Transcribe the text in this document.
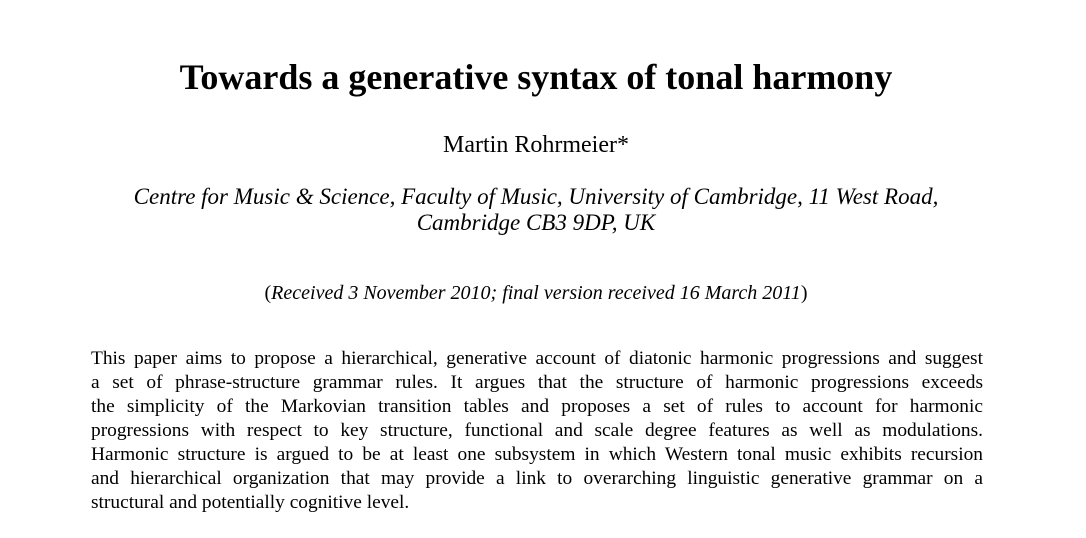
Towards a generative syntax of tonal harmony
Martin Rohrmeier*
Centre for Music & Science, Faculty of Music, University of Cambridge, 11 West Road,
Cambridge CB3 9DP, UK
(Received 3 November 2010; final version received 16 March 2011)
This paper aims to propose a hierarchical, generative account of diatonic harmonic progressions and suggest
a set of phrase-structure grammar rules. It argues that the structure of harmonic progressions exceeds
the simplicity of the Markovian transition tables and proposes a set of rules to account for harmonic
progressions with respect to key structure, functional and scale degree features as well as modulations.
Harmonic structure is argued to be at least one subsystem in which Western tonal music exhibits recursion
and hierarchical organization that may provide a link to overarching linguistic generative grammar on a
structural and potentially cognitive level.
